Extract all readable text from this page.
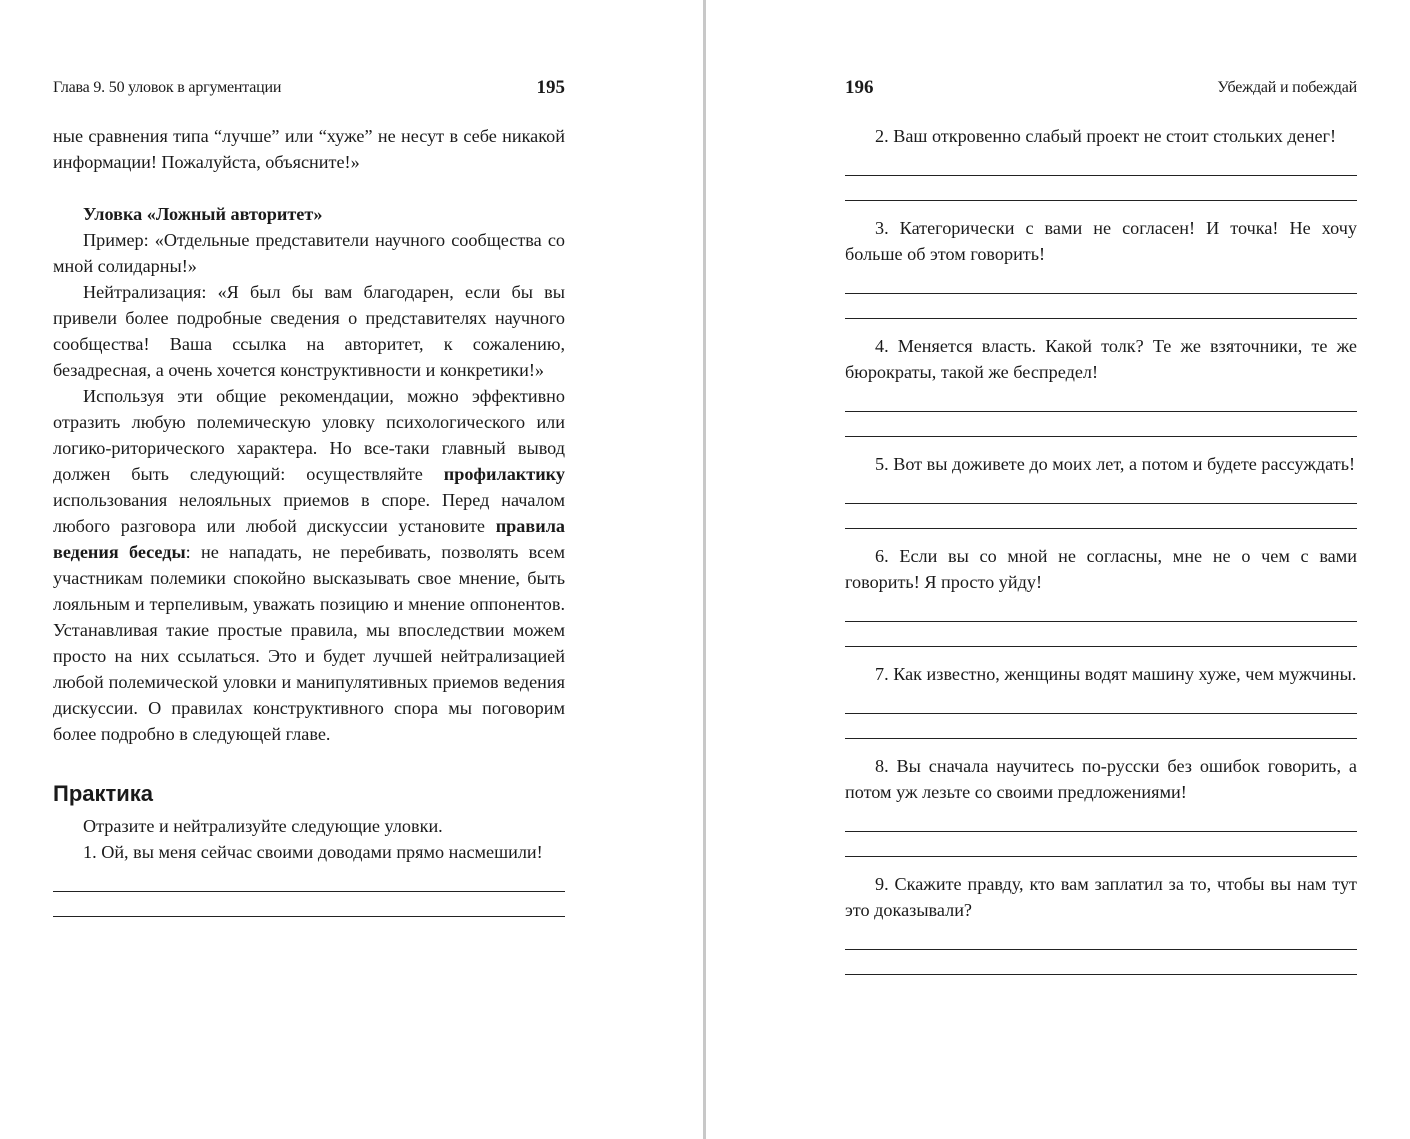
Глава 9. 50 уловок в аргументации	195

ные сравнения типа “лучше” или “хуже” не несут в себе никакой информации! Пожалуйста, объясните!»

Уловка «Ложный авторитет»

Пример: «Отдельные представители научного сообщества со мной солидарны!»

Нейтрализация: «Я был бы вам благодарен, если бы вы привели более подробные сведения о представителях научного сообщества! Ваша ссылка на авторитет, к сожалению, безадресная, а очень хочется конструктивности и конкретики!»

Используя эти общие рекомендации, можно эффективно отразить любую полемическую уловку психологического или логико-риторического характера. Но все-таки главный вывод должен быть следующий: осуществляйте профилактику использования нелояльных приемов в споре. Перед началом любого разговора или любой дискуссии установите правила ведения беседы: не нападать, не перебивать, позволять всем участникам полемики спокойно высказывать свое мнение, быть лояльным и терпеливым, уважать позицию и мнение оппонентов. Устанавливая такие простые правила, мы впоследствии можем просто на них ссылаться. Это и будет лучшей нейтрализацией любой полемической уловки и манипулятивных приемов ведения дискуссии. О правилах конструктивного спора мы поговорим более подробно в следующей главе.

Практика

Отразите и нейтрализуйте следующие уловки.

1. Ой, вы меня сейчас своими доводами прямо насмешили!

196	Убеждай и побеждай

2. Ваш откровенно слабый проект не стоит стольких денег!

3. Категорически с вами не согласен! И точка! Не хочу больше об этом говорить!

4. Меняется власть. Какой толк? Те же взяточники, те же бюрократы, такой же беспредел!

5. Вот вы доживете до моих лет, а потом и будете рассуждать!

6. Если вы со мной не согласны, мне не о чем с вами говорить! Я просто уйду!

7. Как известно, женщины водят машину хуже, чем мужчины.

8. Вы сначала научитесь по-русски без ошибок говорить, а потом уж лезьте со своими предложениями!

9. Скажите правду, кто вам заплатил за то, чтобы вы нам тут это доказывали?
